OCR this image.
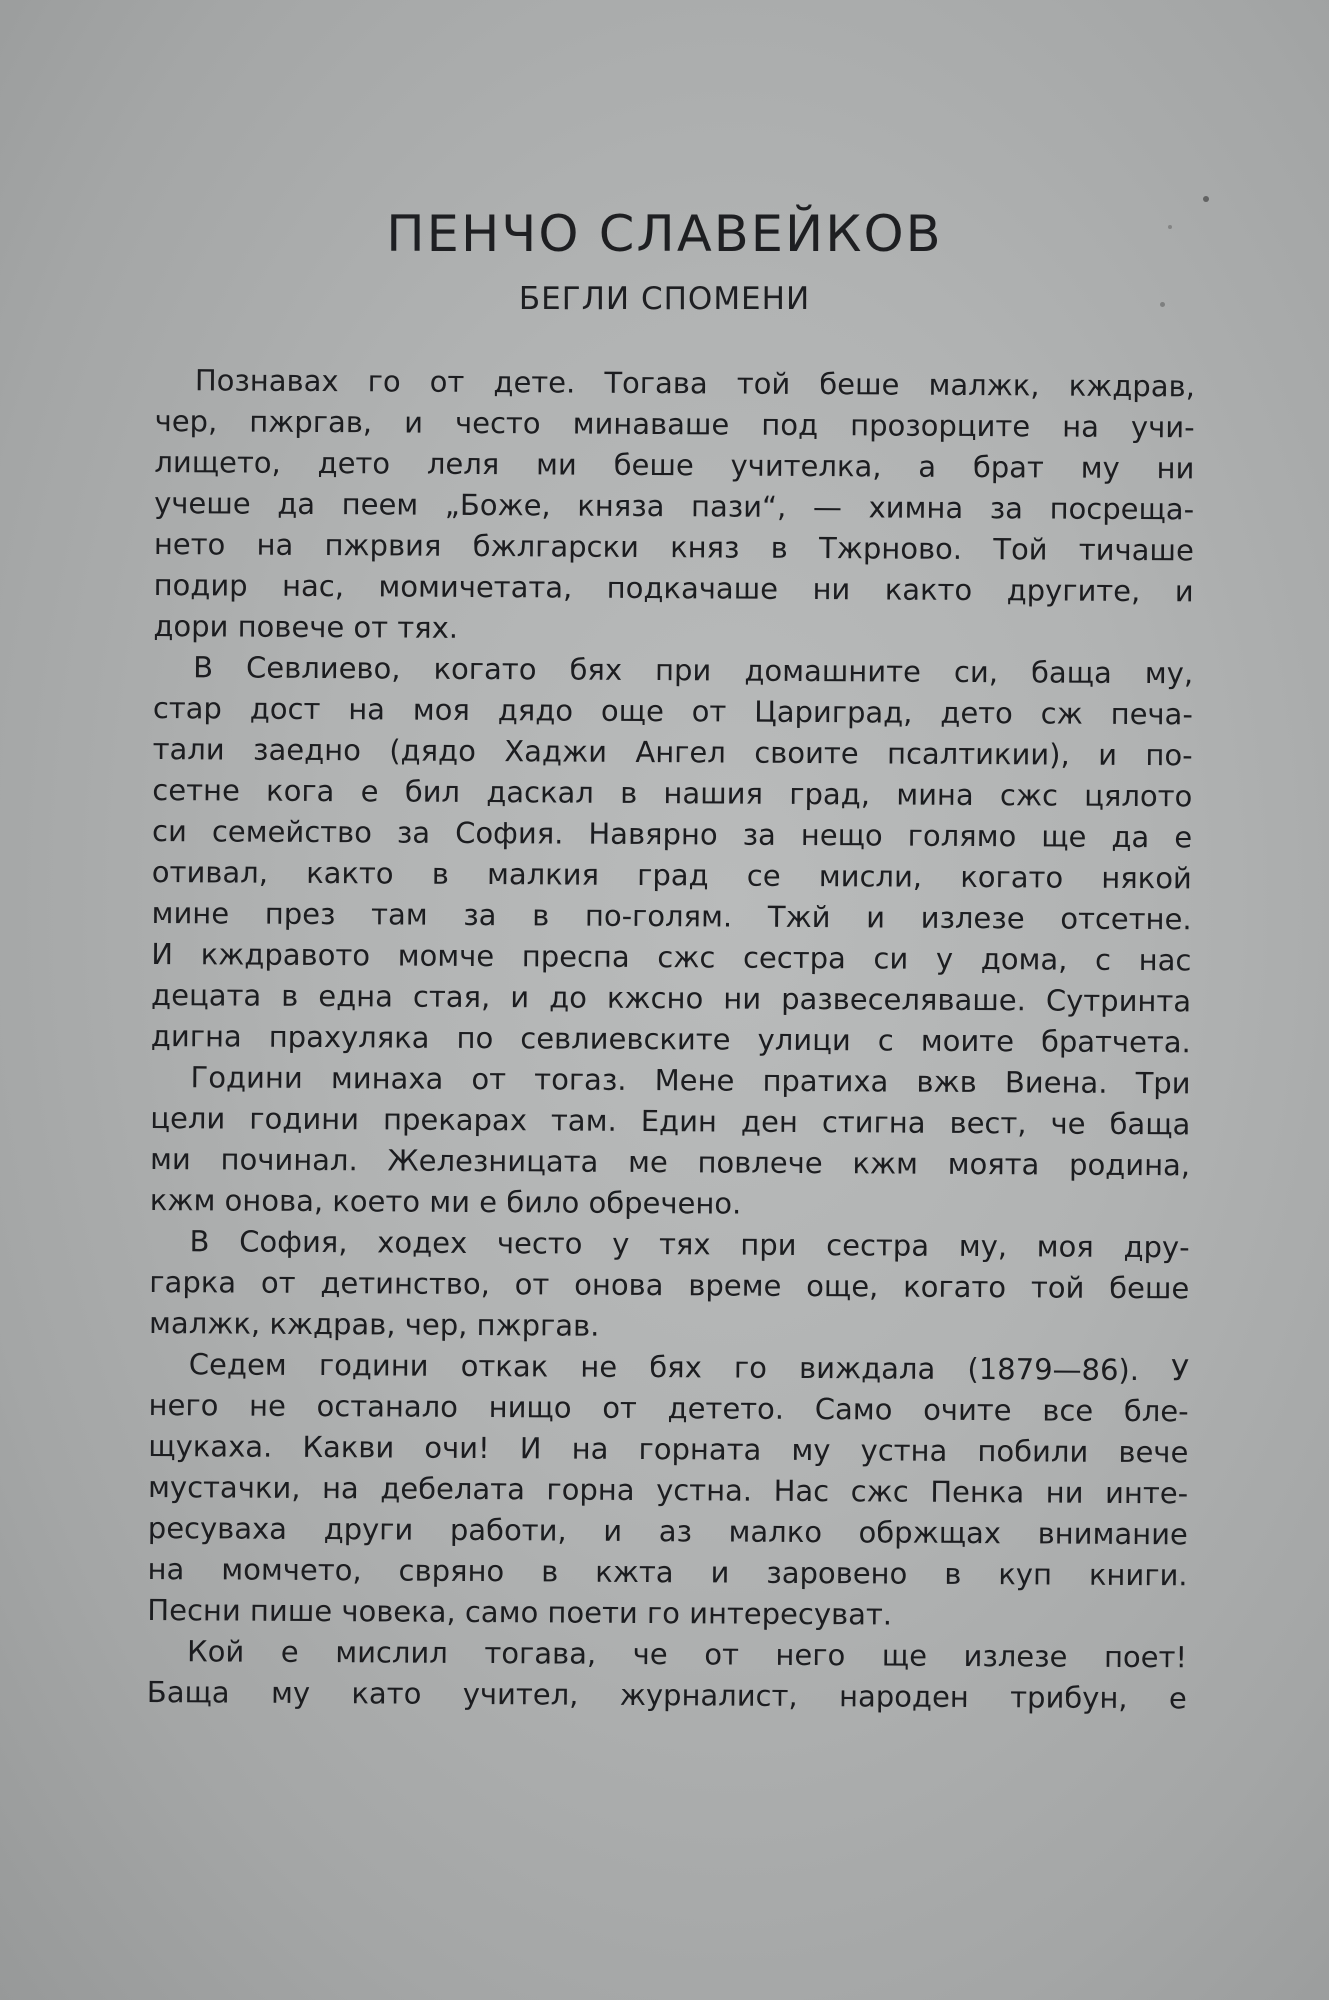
ПЕНЧО СЛАВЕЙКОВ
БЕГЛИ СПОМЕНИ
Познавах го от дете. Тогава той беше малжк, кждрав,
чер, пжргав, и често минаваше под прозорците на учи-
лището, дето леля ми беше учителка, а брат му ни
учеше да пеем „Боже, княза пази“, — химна за посреща-
нето на пжрвия бжлгарски княз в Тжрново. Той тичаше
подир нас, момичетата, подкачаше ни както другите, и
дори повече от тях.
В Севлиево, когато бях при домашните си, баща му,
стар дост на моя дядо още от Цариград, дето сж печа-
тали заедно (дядо Хаджи Ангел своите псалтикии), и по-
сетне кога е бил даскал в нашия град, мина сжс цялото
си семейство за София. Навярно за нещо голямо ще да е
отивал, както в малкия град се мисли, когато някой
мине през там за в по-голям. Тжй и излезе отсетне.
И кждравото момче преспа сжс сестра си у дома, с нас
децата в една стая, и до кжсно ни развеселяваше. Сутринта
дигна прахуляка по севлиевските улици с моите братчета.
Години минаха от тогаз. Мене пратиха вжв Виена. Три
цели години прекарах там. Един ден стигна вест, че баща
ми починал. Железницата ме повлече кжм моята родина,
кжм онова, което ми е било обречено.
В София, ходех често у тях при сестра му, моя дру-
гарка от детинство, от онова време още, когато той беше
малжк, кждрав, чер, пжргав.
Седем години откак не бях го виждала (1879—86). У
него не останало нищо от детето. Само очите все бле-
щукаха. Какви очи! И на горната му устна побили вече
мустачки, на дебелата горна устна. Нас сжс Пенка ни инте-
ресуваха други работи, и аз малко обржщах внимание
на момчето, свряно в кжта и заровено в куп книги.
Песни пише човека, само поети го интересуват.
Кой е мислил тогава, че от него ще излезе поет!
Баща му като учител, журналист, народен трибун, е
